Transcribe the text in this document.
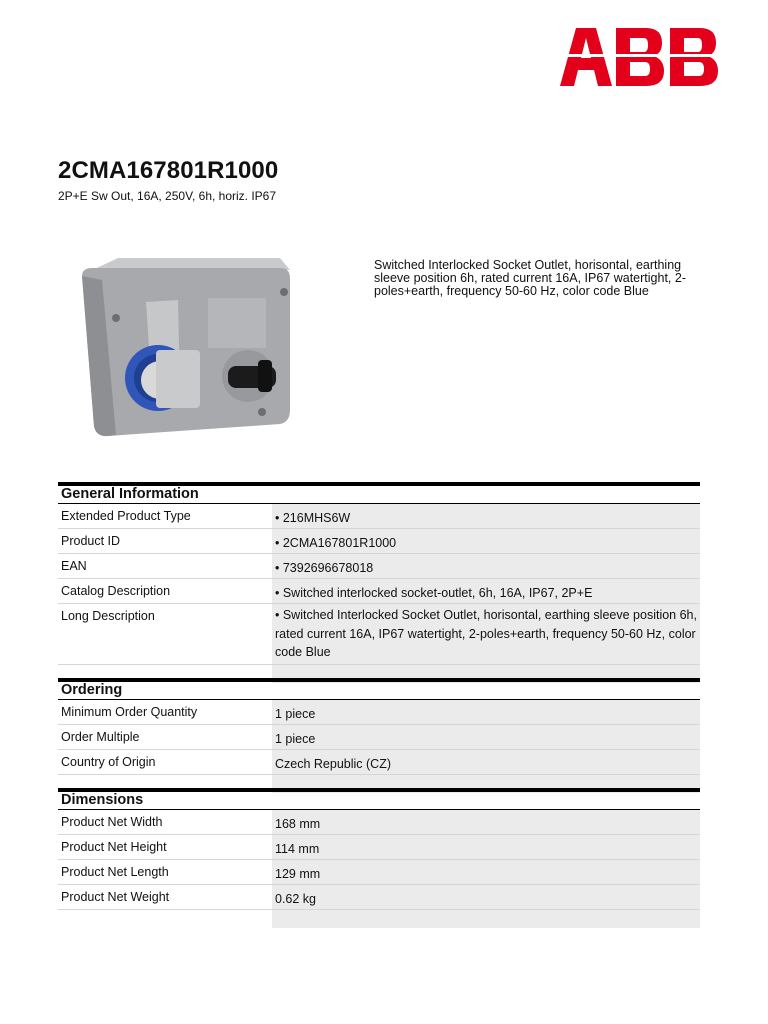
2CMA167801R1000
2P+E Sw Out, 16A, 250V, 6h, horiz. IP67
Switched Interlocked Socket Outlet, horisontal, earthing sleeve position 6h, rated current 16A, IP67 watertight, 2-poles+earth, frequency 50-60 Hz, color code Blue
General Information
Extended Product Type	• 216MHS6W
Product ID	• 2CMA167801R1000
EAN	• 7392696678018
Catalog Description	• Switched interlocked socket-outlet, 6h, 16A, IP67, 2P+E
Long Description	• Switched Interlocked Socket Outlet, horisontal, earthing sleeve position 6h, rated current 16A, IP67 watertight, 2-poles+earth, frequency 50-60 Hz, color code Blue
Ordering
Minimum Order Quantity	1 piece
Order Multiple	1 piece
Country of Origin	Czech Republic (CZ)
Dimensions
Product Net Width	168 mm
Product Net Height	114 mm
Product Net Length	129 mm
Product Net Weight	0.62 kg
